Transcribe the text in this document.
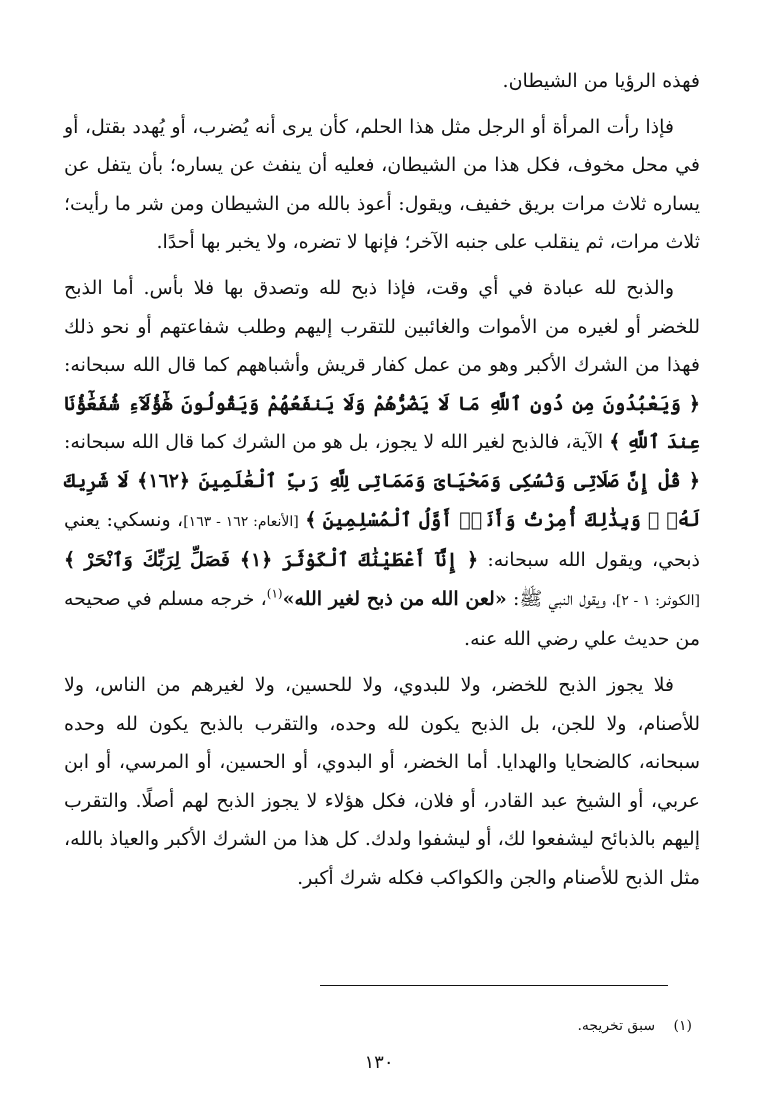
فهذه الرؤيا من الشيطان.

فإذا رأت المرأة أو الرجل مثل هذا الحلم، كأن يرى أنه يُضرب، أو يُهدد بقتل، أو في محل مخوف، فكل هذا من الشيطان، فعليه أن ينفث عن يساره؛ بأن يتفل عن يساره ثلاث مرات بريق خفيف، ويقول: أعوذ بالله من الشيطان ومن شر ما رأيت؛ ثلاث مرات، ثم ينقلب على جنبه الآخر؛ فإنها لا تضره، ولا يخبر بها أحدًا.

والذبح لله عبادة في أي وقت، فإذا ذبح لله وتصدق بها فلا بأس. أما الذبح للخضر أو لغيره من الأموات والغائبين للتقرب إليهم وطلب شفاعتهم أو نحو ذلك فهذا من الشرك الأكبر وهو من عمل كفار قريش وأشباههم كما قال الله سبحانه: ﴿ وَيَعْبُدُونَ مِن دُونِ ٱللَّهِ مَا لَا يَضُرُّهُمْ وَلَا يَنفَعُهُمْ وَيَقُولُونَ هَٰٓؤُلَآءِ شُفَعَٰٓؤُنَا عِندَ ٱللَّهِ ﴾ الآية، فالذبح لغير الله لا يجوز، بل هو من الشرك كما قال الله سبحانه: ﴿ قُلْ إِنَّ صَلَاتِى وَنُسُكِى وَمَحْيَاىَ وَمَمَاتِى لِلَّهِ رَبِّ ٱلْعَٰلَمِينَ ﴿١٦٢﴾ لَا شَرِيكَ لَهُۥ ۖ وَبِذَٰلِكَ أُمِرْتُ وَأَنَا۠ أَوَّلُ ٱلْمُسْلِمِينَ ﴾ [الأنعام: ١٦٢ - ١٦٣]، ونسكي: يعني ذبحي، ويقول الله سبحانه: ﴿ إِنَّآ أَعْطَيْنَٰكَ ٱلْكَوْثَرَ ﴿١﴾ فَصَلِّ لِرَبِّكَ وَٱنْحَرْ ﴾ [الكوثر: ١ - ٢]، ويقول النبي ﷺ: «لعن الله من ذبح لغير الله»$^{(١)}$، خرجه مسلم في صحيحه من حديث علي رضي الله عنه.

فلا يجوز الذبح للخضر، ولا للبدوي، ولا للحسين، ولا لغيرهم من الناس، ولا للأصنام، ولا للجن، بل الذبح يكون لله وحده، والتقرب بالذبح يكون لله وحده سبحانه، كالضحايا والهدايا. أما الخضر، أو البدوي، أو الحسين، أو المرسي، أو ابن عربي، أو الشيخ عبد القادر، أو فلان، فكل هؤلاء لا يجوز الذبح لهم أصلًا. والتقرب إليهم بالذبائح ليشفعوا لك، أو ليشفوا ولدك. كل هذا من الشرك الأكبر والعياذ بالله، مثل الذبح للأصنام والجن والكواكب فكله شرك أكبر.

(١) سبق تخريجه.
١٣٠
